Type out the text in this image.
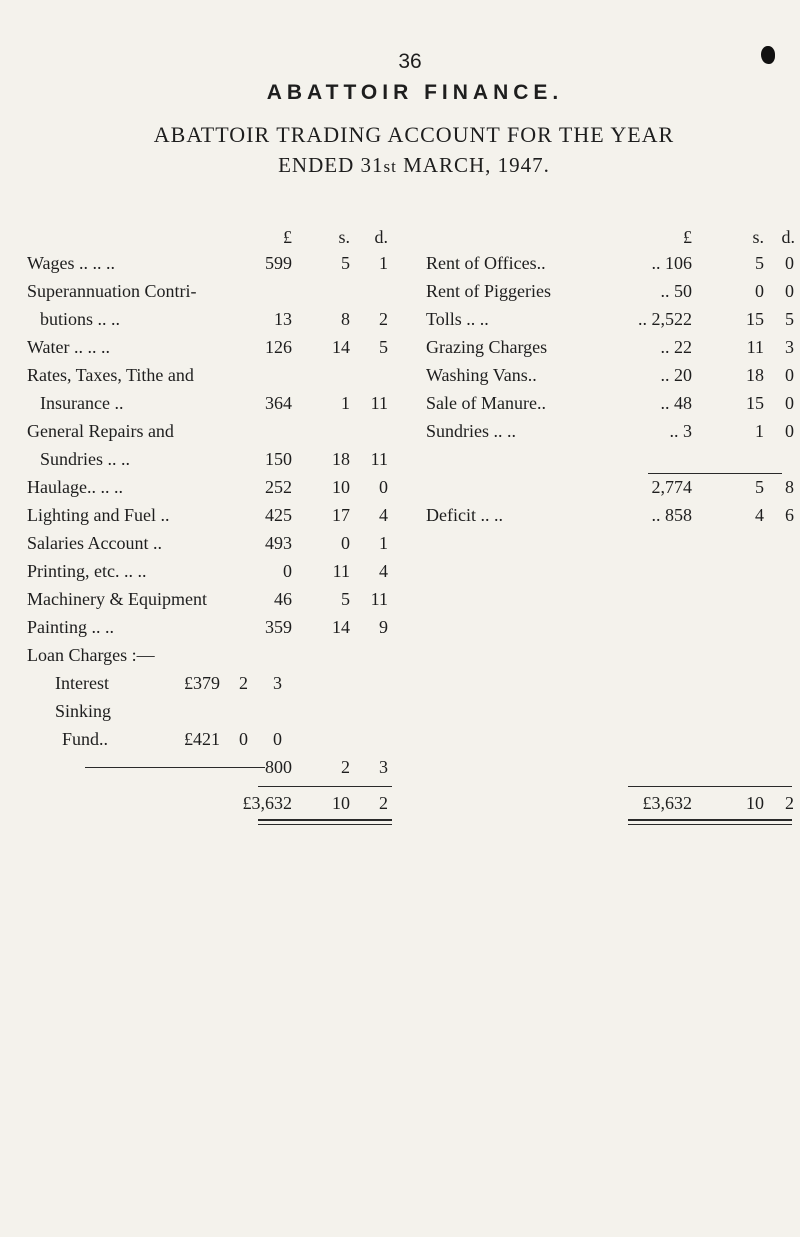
36
ABATTOIR FINANCE.
ABATTOIR TRADING ACCOUNT FOR THE YEAR
ENDED 31st MARCH, 1947.
£	s.	d.	£	s. d.
Wages .. .. ..	599	5	1
Superannuation Contri-
butions .. ..	13	8	2
Water .. .. ..	126	14	5
Rates, Taxes, Tithe and
Insurance ..	364	1	11
General Repairs and
Sundries .. ..	150	18	11
Haulage.. .. ..	252	10	0
Lighting and Fuel ..	425	17	4
Salaries Account ..	493	0	1
Printing, etc. .. ..	0	11	4
Machinery & Equipment	46	5	11
Painting .. ..	359	14	9
Loan Charges :—
Interest	£379	2	3
Sinking
Fund..	£421	0	0
800	2	3
£3,632	10	2
Rent of Offices..	.. 106	5	0
Rent of Piggeries	.. 50	0	0
Tolls .. ..	.. 2,522	15	5
Grazing Charges	.. 22	11	3
Washing Vans..	.. 20	18	0
Sale of Manure..	.. 48	15	0
Sundries .. ..	.. 3	1	0
2,774	5	8
Deficit .. ..	.. 858	4	6
£3,632	10	2
